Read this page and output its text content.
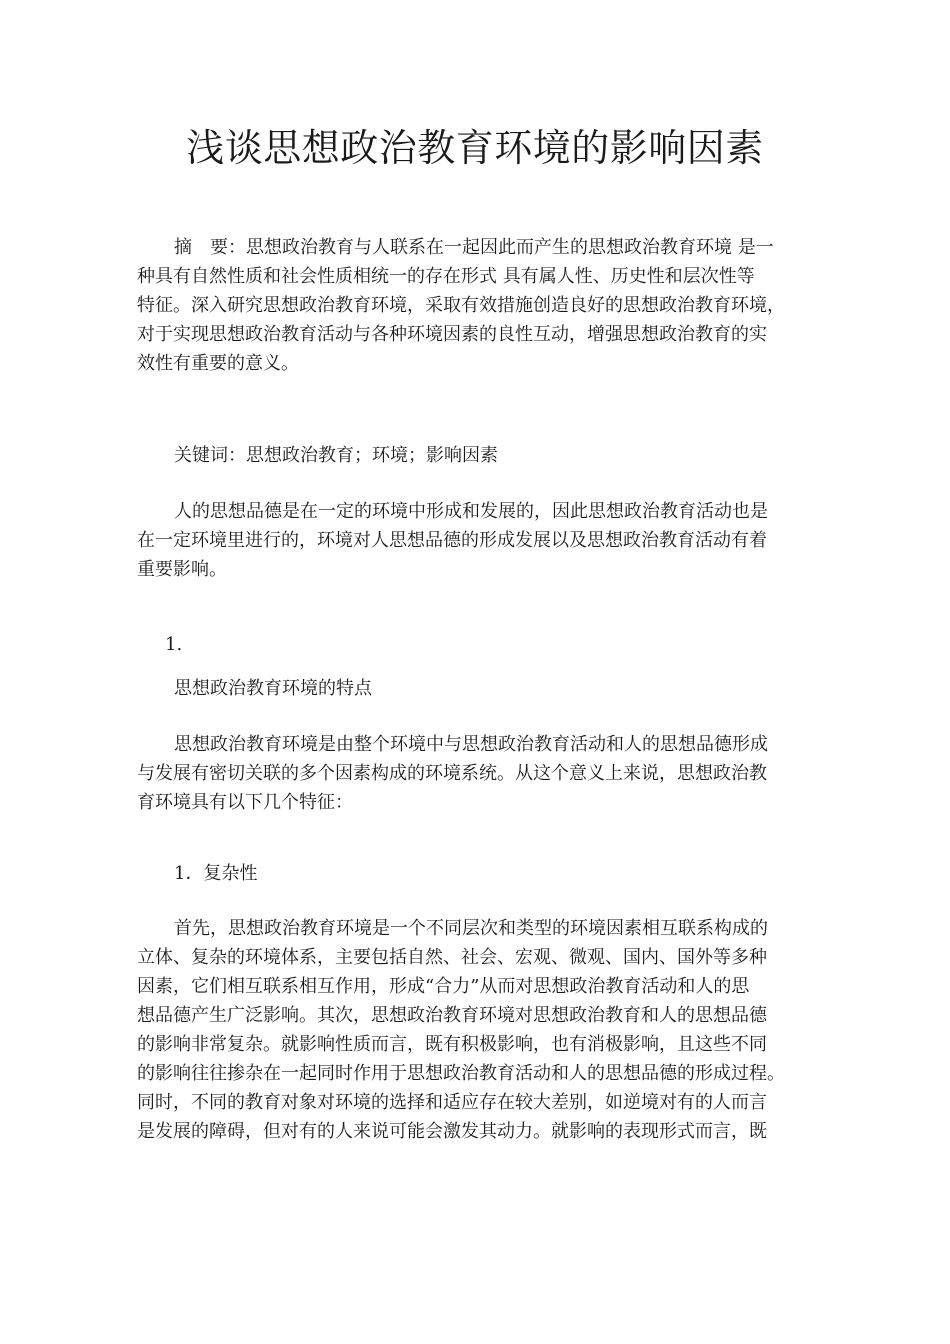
浅谈思想政治教育环境的影响因素
摘　要：思想政治教育与人联系在一起因此而产生的思想政治教育环境 是一
种具有自然性质和社会性质相统一的存在形式 具有属人性、历史性和层次性等
特征。深入研究思想政治教育环境，采取有效措施创造良好的思想政治教育环境，
对于实现思想政治教育活动与各种环境因素的良性互动，增强思想政治教育的实
效性有重要的意义。
关键词：思想政治教育；环境；影响因素
人的思想品德是在一定的环境中形成和发展的，因此思想政治教育活动也是
在一定环境里进行的，环境对人思想品德的形成发展以及思想政治教育活动有着
重要影响。
1.
思想政治教育环境的特点
思想政治教育环境是由整个环境中与思想政治教育活动和人的思想品德形成
与发展有密切关联的多个因素构成的环境系统。从这个意义上来说，思想政治教
育环境具有以下几个特征：
1．复杂性
首先，思想政治教育环境是一个不同层次和类型的环境因素相互联系构成的
立体、复杂的环境体系，主要包括自然、社会、宏观、微观、国内、国外等多种
因素，它们相互联系相互作用，形成“合力”从而对思想政治教育活动和人的思
想品德产生广泛影响。其次，思想政治教育环境对思想政治教育和人的思想品德
的影响非常复杂。就影响性质而言，既有积极影响，也有消极影响，且这些不同
的影响往往掺杂在一起同时作用于思想政治教育活动和人的思想品德的形成过程。
同时，不同的教育对象对环境的选择和适应存在较大差别，如逆境对有的人而言
是发展的障碍，但对有的人来说可能会激发其动力。就影响的表现形式而言，既
